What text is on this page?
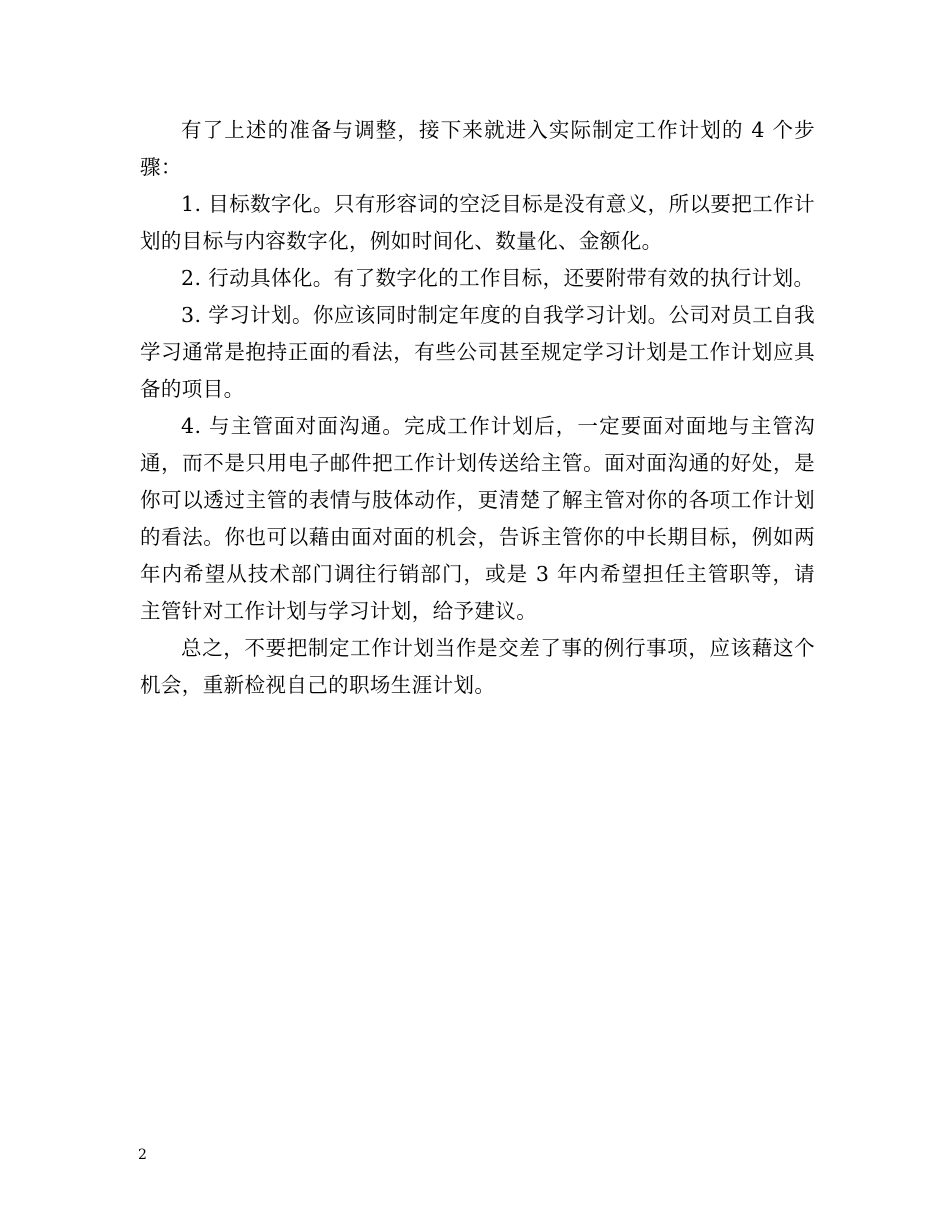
有了上述的准备与调整，接下来就进入实际制定工作计划的 4 个步骤：

1. 目标数字化。只有形容词的空泛目标是没有意义，所以要把工作计划的目标与内容数字化，例如时间化、数量化、金额化。

2. 行动具体化。有了数字化的工作目标，还要附带有效的执行计划。

3. 学习计划。你应该同时制定年度的自我学习计划。公司对员工自我学习通常是抱持正面的看法，有些公司甚至规定学习计划是工作计划应具备的项目。

4. 与主管面对面沟通。完成工作计划后，一定要面对面地与主管沟通，而不是只用电子邮件把工作计划传送给主管。面对面沟通的好处，是你可以透过主管的表情与肢体动作，更清楚了解主管对你的各项工作计划的看法。你也可以藉由面对面的机会，告诉主管你的中长期目标，例如两年内希望从技术部门调往行销部门，或是 3 年内希望担任主管职等，请主管针对工作计划与学习计划，给予建议。

总之，不要把制定工作计划当作是交差了事的例行事项，应该藉这个机会，重新检视自己的职场生涯计划。

2
